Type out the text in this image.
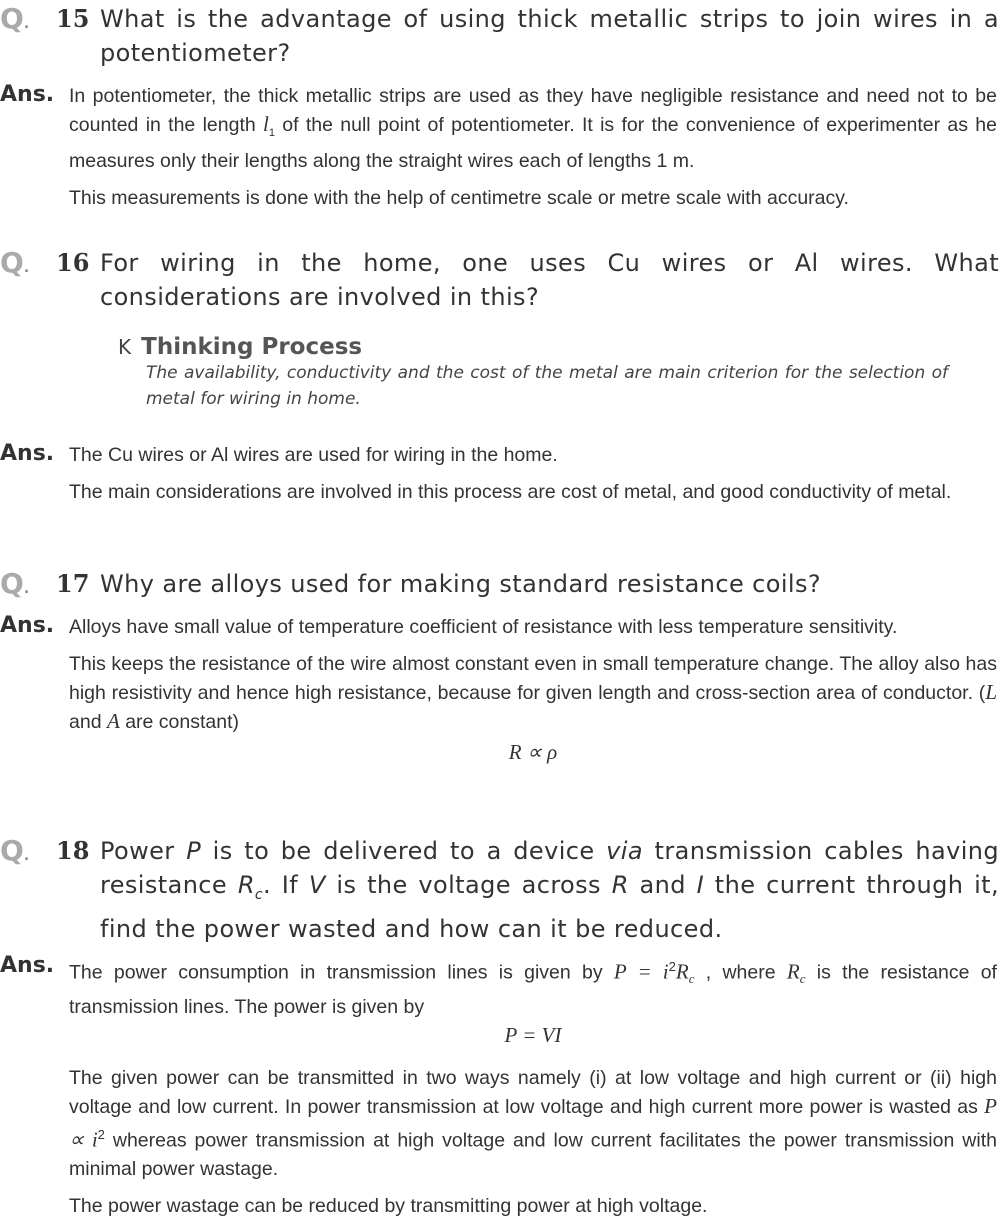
Q. 15 What is the advantage of using thick metallic strips to join wires in a potentiometer?
Ans. In potentiometer, the thick metallic strips are used as they have negligible resistance and need not to be counted in the length $l_1$ of the null point of potentiometer. It is for the convenience of experimenter as he measures only their lengths along the straight wires each of lengths 1 m.
This measurements is done with the help of centimetre scale or metre scale with accuracy.
Q. 16 For wiring in the home, one uses Cu wires or Al wires. What considerations are involved in this?
K Thinking Process
The availability, conductivity and the cost of the metal are main criterion for the selection of metal for wiring in home.
Ans. The Cu wires or Al wires are used for wiring in the home.
The main considerations are involved in this process are cost of metal, and good conductivity of metal.
Q. 17 Why are alloys used for making standard resistance coils?
Ans. Alloys have small value of temperature coefficient of resistance with less temperature sensitivity.
This keeps the resistance of the wire almost constant even in small temperature change. The alloy also has high resistivity and hence high resistance, because for given length and cross-section area of conductor. (L and A are constant)
R ∝ ρ
Q. 18 Power P is to be delivered to a device via transmission cables having resistance $R_c$. If V is the voltage across R and I the current through it, find the power wasted and how can it be reduced.
Ans. The power consumption in transmission lines is given by $P = i^2R_c$ , where $R_c$ is the resistance of transmission lines. The power is given by
P = VI
The given power can be transmitted in two ways namely (i) at low voltage and high current or (ii) high voltage and low current. In power transmission at low voltage and high current more power is wasted as $P \propto i^2$ whereas power transmission at high voltage and low current facilitates the power transmission with minimal power wastage.
The power wastage can be reduced by transmitting power at high voltage.
